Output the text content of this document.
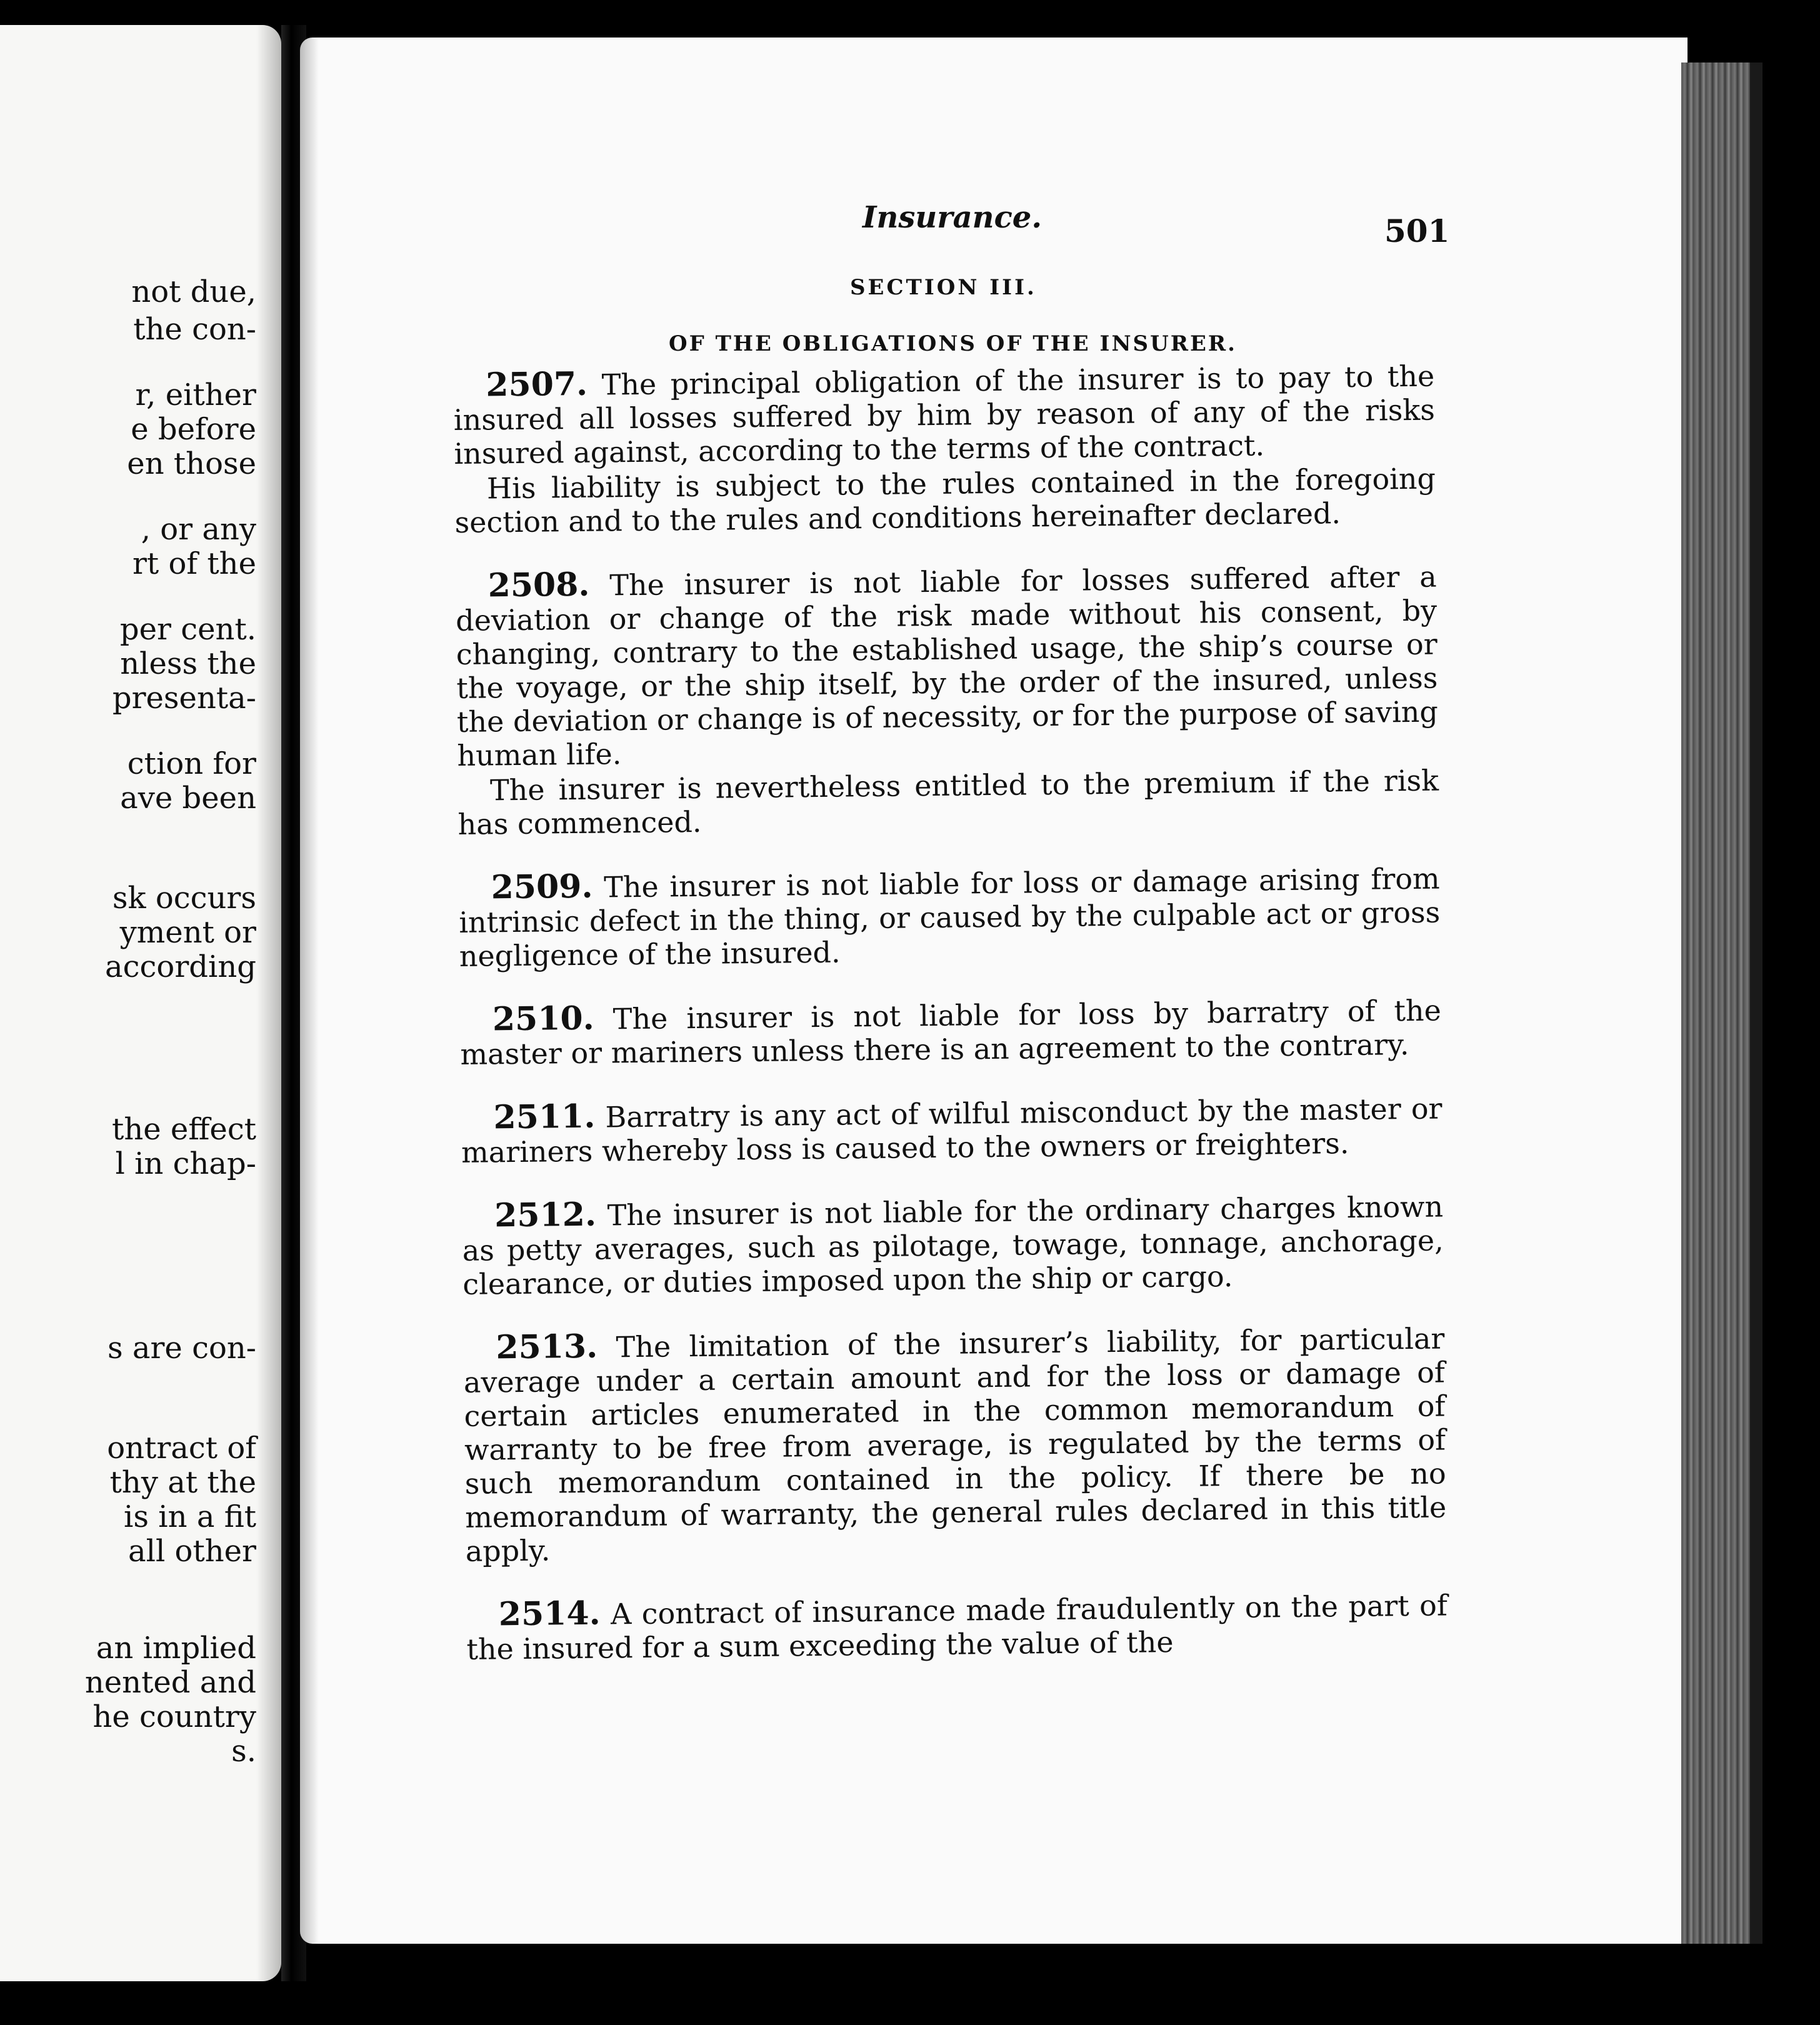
not due,
the con-
r, either
e before
en those
, or any
rt of the
per cent.
nless the
presenta-
ction for
ave been
sk occurs
yment or
according
the effect
l in chap-
s are con-
ontract of
thy at the
is in a fit
all other
an implied
nented and
he country
s.
Insurance.	501
SECTION III.
OF THE OBLIGATIONS OF THE INSURER.

2507. The principal obligation of the insurer is to pay to the insured all losses suffered by him by reason of any of the risks insured against, according to the terms of the contract.

His liability is subject to the rules contained in the foregoing section and to the rules and conditions hereinafter declared.

2508. The insurer is not liable for losses suffered after a deviation or change of the risk made without his consent, by changing, contrary to the established usage, the ship’s course or the voyage, or the ship itself, by the order of the insured, unless the deviation or change is of necessity, or for the purpose of saving human life.

The insurer is nevertheless entitled to the premium if the risk has commenced.

2509. The insurer is not liable for loss or damage arising from intrinsic defect in the thing, or caused by the culpable act or gross negligence of the insured.

2510. The insurer is not liable for loss by barratry of the master or mariners unless there is an agreement to the contrary.

2511. Barratry is any act of wilful misconduct by the master or mariners whereby loss is caused to the owners or freighters.

2512. The insurer is not liable for the ordinary charges known as petty averages, such as pilotage, towage, tonnage, anchorage, clearance, or duties imposed upon the ship or cargo.

2513. The limitation of the insurer’s liability, for particular average under a certain amount and for the loss or damage of certain articles enumerated in the common memorandum of warranty to be free from average, is regulated by the terms of such memorandum contained in the policy. If there be no memorandum of warranty, the general rules declared in this title apply.

2514. A contract of insurance made fraudulently on the part of the insured for a sum exceeding the value of the
